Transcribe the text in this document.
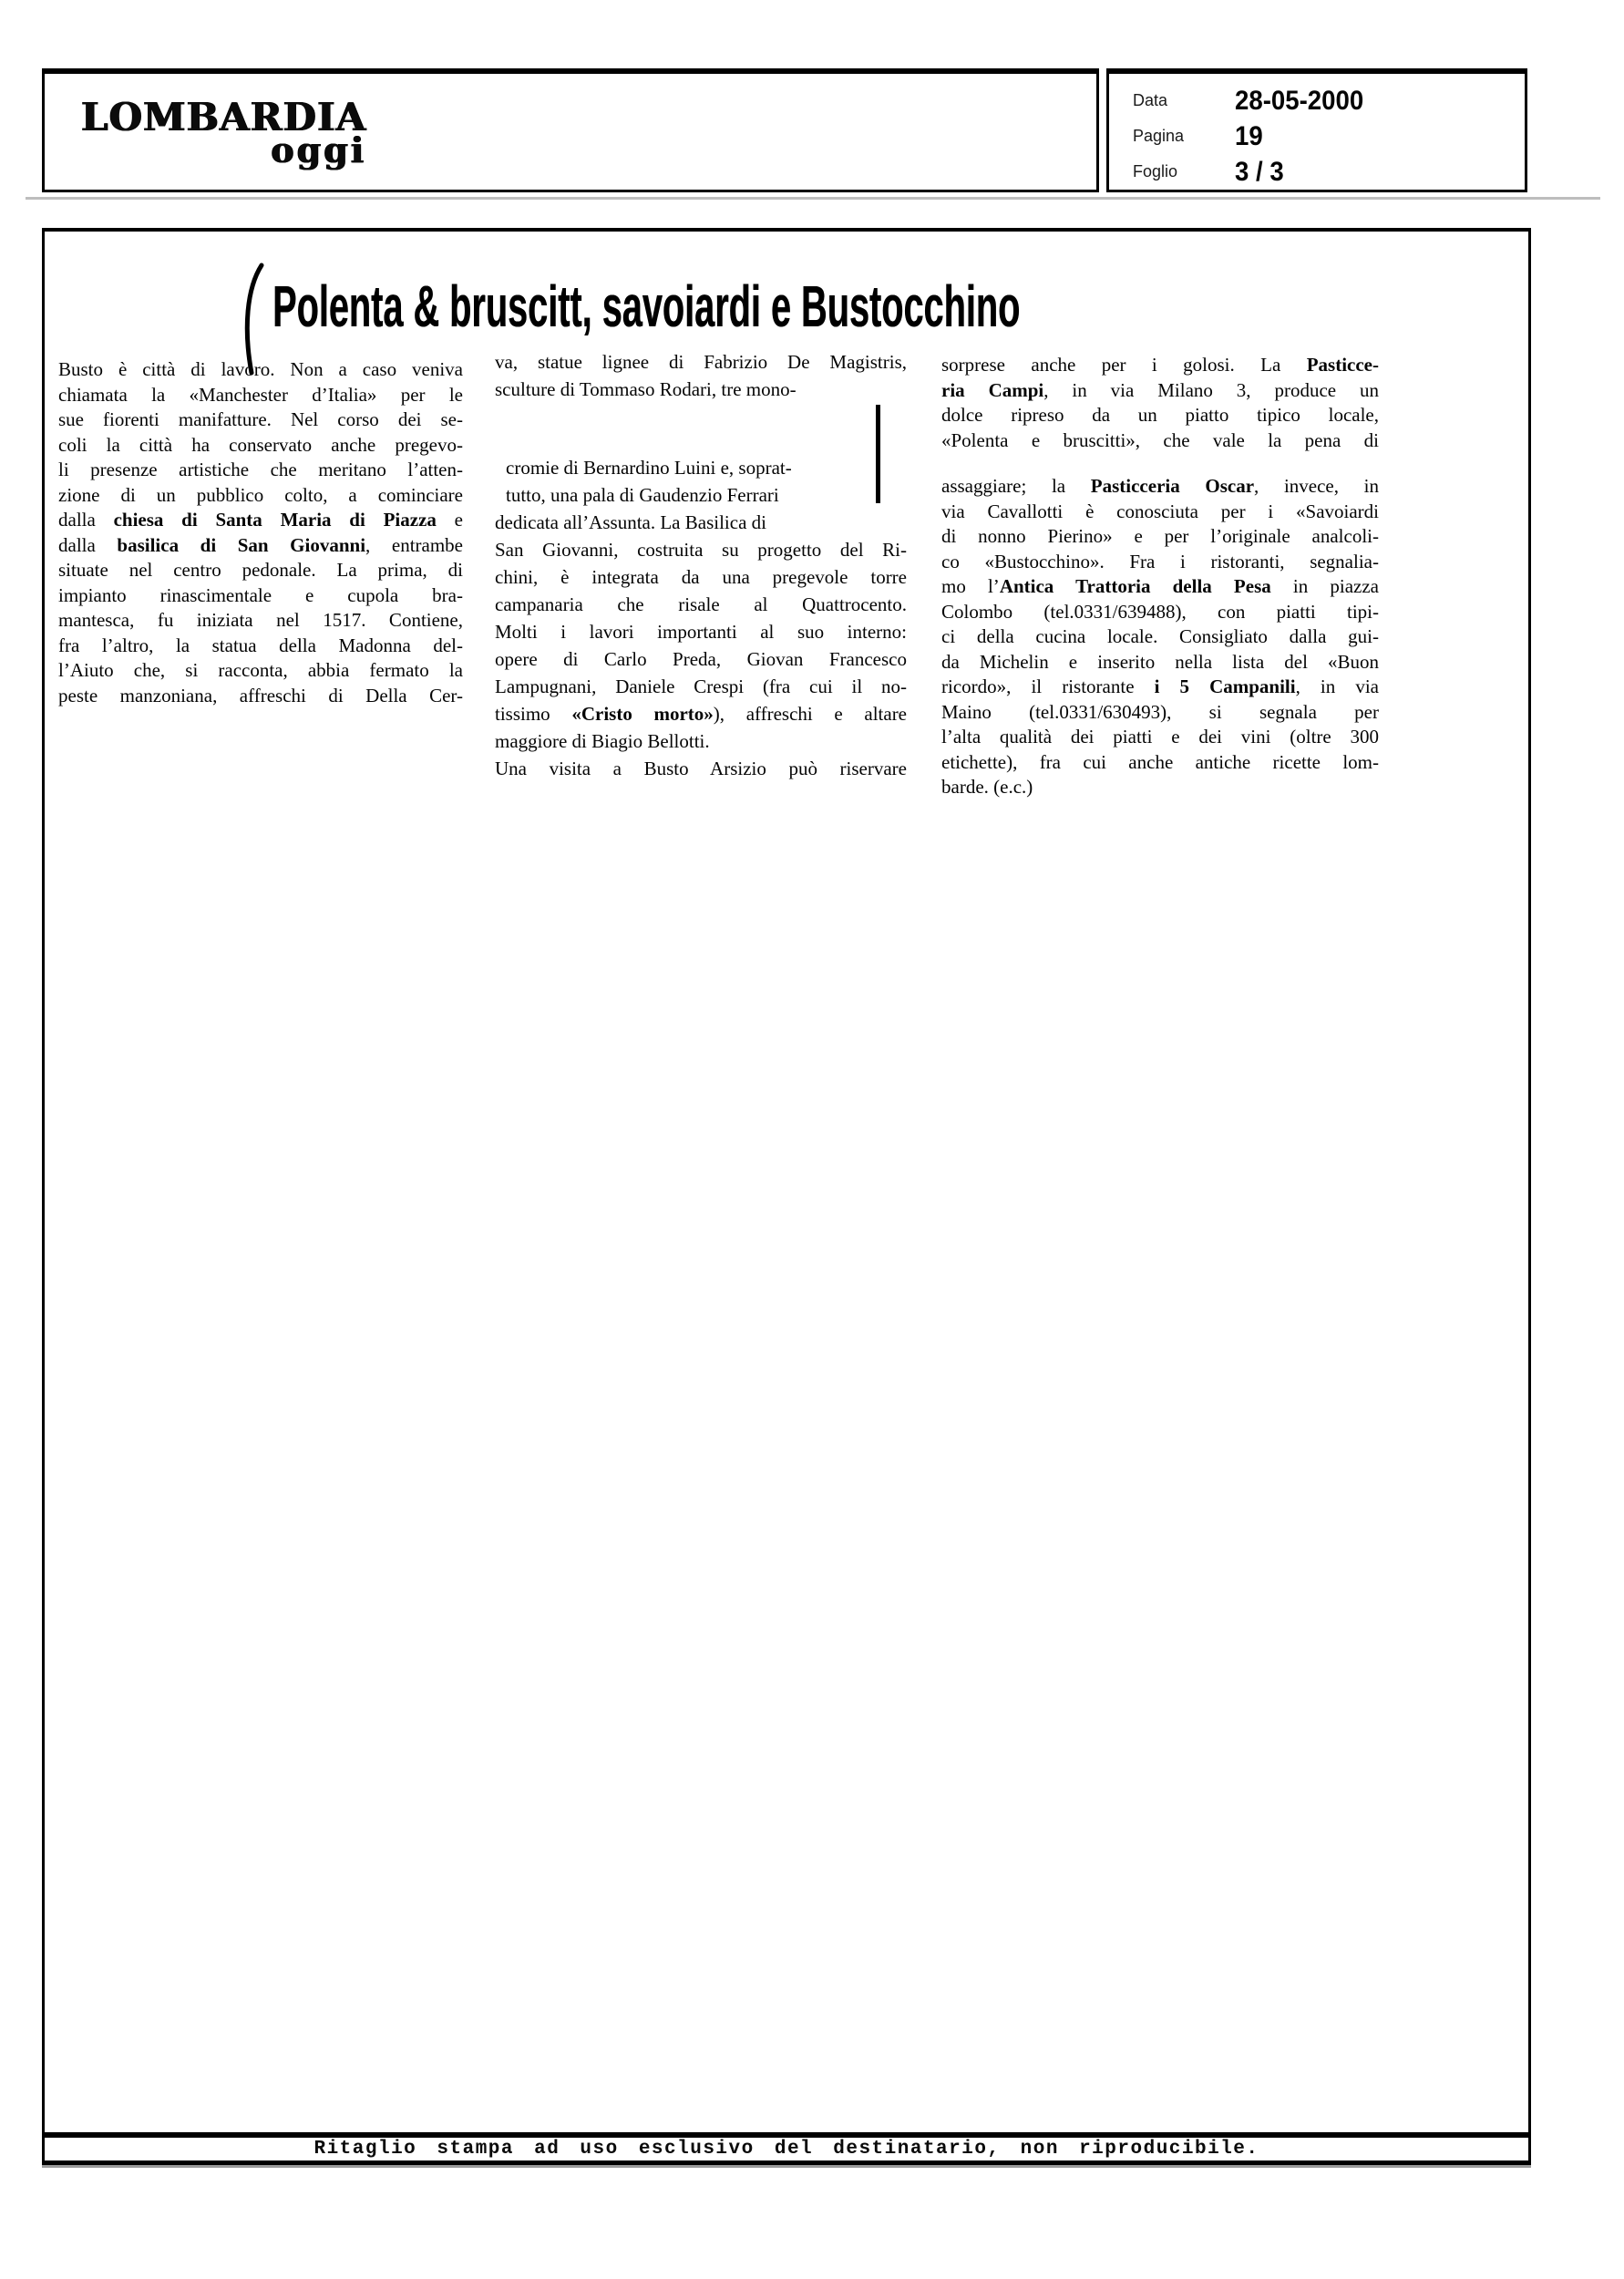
LOMBARDIA
oggi
Data	28-05-2000
Pagina	19
Foglio	3 / 3
Polenta & bruscitt, savoiardi e Bustocchino
Busto è città di lavoro. Non a caso veniva
chiamata la «Manchester d’Italia» per le
sue fiorenti manifatture. Nel corso dei se-
coli la città ha conservato anche pregevo-
li presenze artistiche che meritano l’atten-
zione di un pubblico colto, a cominciare
dalla chiesa di Santa Maria di Piazza e
dalla basilica di San Giovanni, entrambe
situate nel centro pedonale. La prima, di
impianto rinascimentale e cupola bra-
mantesca, fu iniziata nel 1517. Contiene,
fra l’altro, la statua della Madonna del-
l’Aiuto che, si racconta, abbia fermato la
peste manzoniana, affreschi di Della Cer-
va, statue lignee di Fabrizio De Magistris,
sculture di Tommaso Rodari, tre mono-
cromie di Bernardino Luini e, soprat-
tutto, una pala di Gaudenzio Ferrari
dedicata all’Assunta. La Basilica di
San Giovanni, costruita su progetto del Ri-
chini, è integrata da una pregevole torre
campanaria che risale al Quattrocento.
Molti i lavori importanti al suo interno:
opere di Carlo Preda, Giovan Francesco
Lampugnani, Daniele Crespi (fra cui il no-
tissimo «Cristo morto»), affreschi e altare
maggiore di Biagio Bellotti.
Una visita a Busto Arsizio può riservare
sorprese anche per i golosi. La Pasticce-
ria Campi, in via Milano 3, produce un
dolce ripreso da un piatto tipico locale,
«Polenta e bruscitti», che vale la pena di
assaggiare; la Pasticceria Oscar, invece, in
via Cavallotti è conosciuta per i «Savoiardi
di nonno Pierino» e per l’originale analcoli-
co «Bustocchino». Fra i ristoranti, segnalia-
mo l’Antica Trattoria della Pesa in piazza
Colombo (tel.0331/639488), con piatti tipi-
ci della cucina locale. Consigliato dalla gui-
da Michelin e inserito nella lista del «Buon
ricordo», il ristorante i 5 Campanili, in via
Maino (tel.0331/630493), si segnala per
l’alta qualità dei piatti e dei vini (oltre 300
etichette), fra cui anche antiche ricette lom-
barde. (e.c.)
Ritaglio stampa ad uso esclusivo del destinatario, non riproducibile.
